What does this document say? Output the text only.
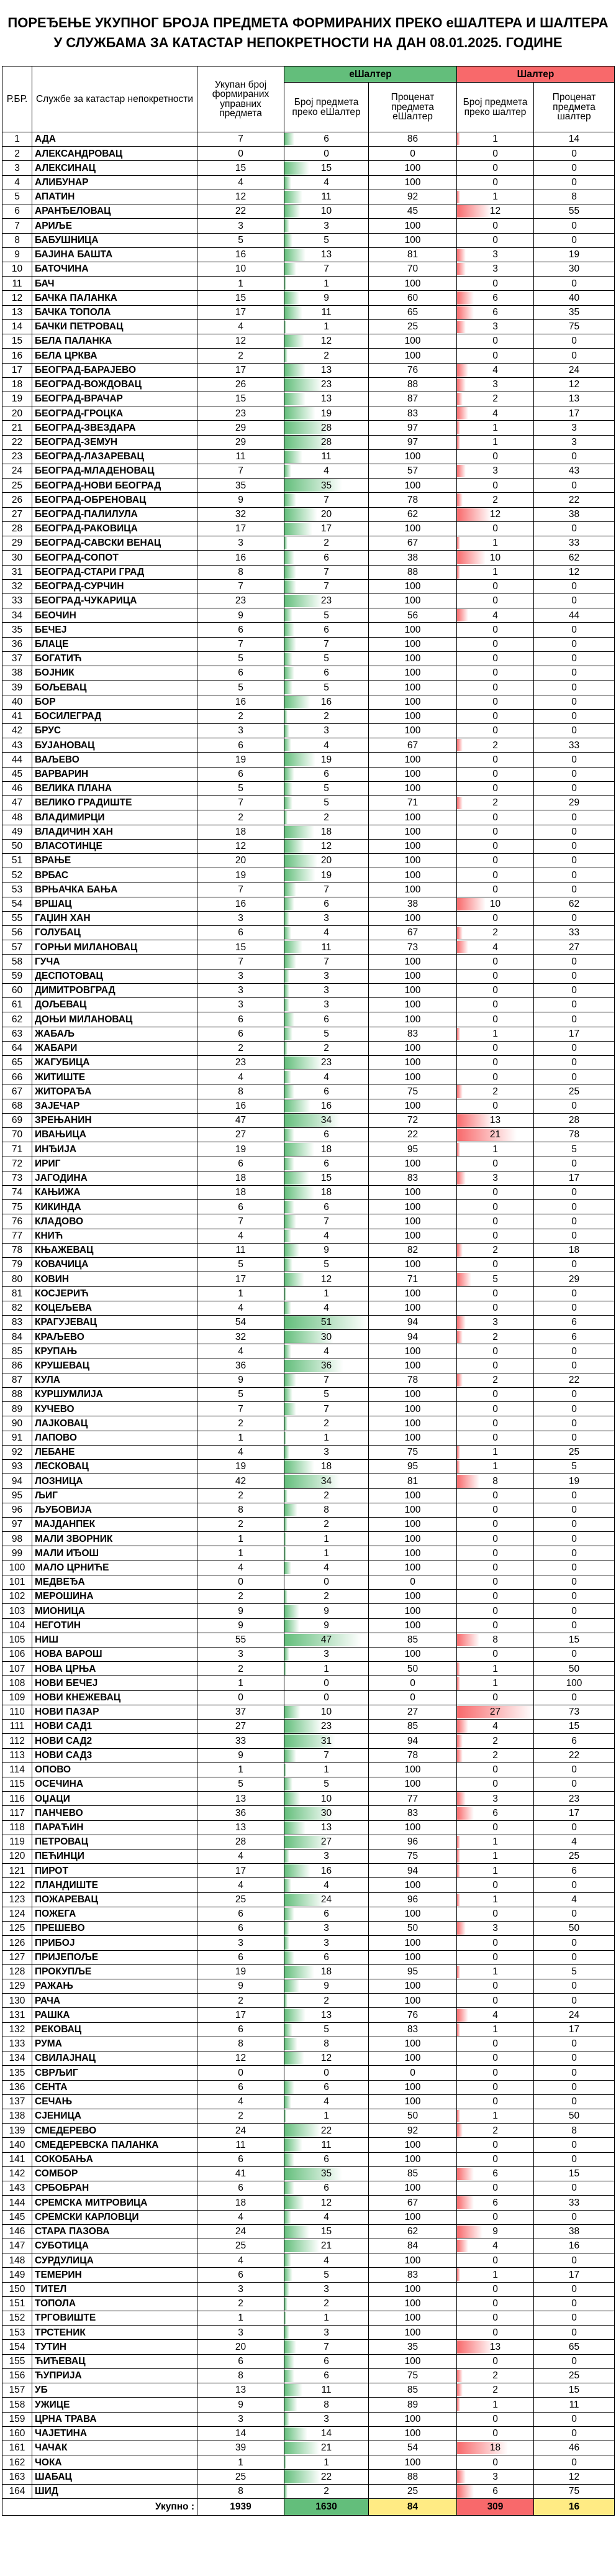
ПОРЕЂЕЊЕ УКУПНОГ БРОЈА ПРЕДМЕТА ФОРМИРАНИХ ПРЕКО еШАЛТЕРА И ШАЛТЕРА У СЛУЖБАМА ЗА КАТАСТАР НЕПОКРЕТНОСТИ НА ДАН 08.01.2025. ГОДИНЕ
Р.БР.	Службе за катастар непокретности	Укупан број формираних управних предмета	еШалтер		Шалтер	
			Број предмета преко еШалтер	Проценат предмета еШалтер	Број предмета преко шалтер	Проценат предмета шалтер
1	АДА	7	6	86	1	14
2	АЛЕКСАНДРОВАЦ	0	0	0	0	0
3	АЛЕКСИНАЦ	15	15	100	0	0
4	АЛИБУНАР	4	4	100	0	0
5	АПАТИН	12	11	92	1	8
6	АРАНЂЕЛОВАЦ	22	10	45	12	55
7	АРИЉЕ	3	3	100	0	0
8	БАБУШНИЦА	5	5	100	0	0
9	БАЈИНА БАШТА	16	13	81	3	19
10	БАТОЧИНА	10	7	70	3	30
11	БАЧ	1	1	100	0	0
12	БАЧКА ПАЛАНКА	15	9	60	6	40
13	БАЧКА ТОПОЛА	17	11	65	6	35
14	БАЧКИ ПЕТРОВАЦ	4	1	25	3	75
15	БЕЛА ПАЛАНКА	12	12	100	0	0
16	БЕЛА ЦРКВА	2	2	100	0	0
17	БЕОГРАД-БАРАЈЕВО	17	13	76	4	24
18	БЕОГРАД-ВОЖДОВАЦ	26	23	88	3	12
19	БЕОГРАД-ВРАЧАР	15	13	87	2	13
20	БЕОГРАД-ГРОЦКА	23	19	83	4	17
21	БЕОГРАД-ЗВЕЗДАРА	29	28	97	1	3
22	БЕОГРАД-ЗЕМУН	29	28	97	1	3
23	БЕОГРАД-ЛАЗАРЕВАЦ	11	11	100	0	0
24	БЕОГРАД-МЛАДЕНОВАЦ	7	4	57	3	43
25	БЕОГРАД-НОВИ БЕОГРАД	35	35	100	0	0
26	БЕОГРАД-ОБРЕНОВАЦ	9	7	78	2	22
27	БЕОГРАД-ПАЛИЛУЛА	32	20	62	12	38
28	БЕОГРАД-РАКОВИЦА	17	17	100	0	0
29	БЕОГРАД-САВСКИ ВЕНАЦ	3	2	67	1	33
30	БЕОГРАД-СОПОТ	16	6	38	10	62
31	БЕОГРАД-СТАРИ ГРАД	8	7	88	1	12
32	БЕОГРАД-СУРЧИН	7	7	100	0	0
33	БЕОГРАД-ЧУКАРИЦА	23	23	100	0	0
34	БЕОЧИН	9	5	56	4	44
35	БЕЧЕЈ	6	6	100	0	0
36	БЛАЦЕ	7	7	100	0	0
37	БОГАТИЋ	5	5	100	0	0
38	БОЈНИК	6	6	100	0	0
39	БОЉЕВАЦ	5	5	100	0	0
40	БОР	16	16	100	0	0
41	БОСИЛЕГРАД	2	2	100	0	0
42	БРУС	3	3	100	0	0
43	БУЈАНОВАЦ	6	4	67	2	33
44	ВАЉЕВО	19	19	100	0	0
45	ВАРВАРИН	6	6	100	0	0
46	ВЕЛИКА ПЛАНА	5	5	100	0	0
47	ВЕЛИКО ГРАДИШТЕ	7	5	71	2	29
48	ВЛАДИМИРЦИ	2	2	100	0	0
49	ВЛАДИЧИН ХАН	18	18	100	0	0
50	ВЛАСОТИНЦЕ	12	12	100	0	0
51	ВРАЊЕ	20	20	100	0	0
52	ВРБАС	19	19	100	0	0
53	ВРЊАЧКА БАЊА	7	7	100	0	0
54	ВРШАЦ	16	6	38	10	62
55	ГАЏИН ХАН	3	3	100	0	0
56	ГОЛУБАЦ	6	4	67	2	33
57	ГОРЊИ МИЛАНОВАЦ	15	11	73	4	27
58	ГУЧА	7	7	100	0	0
59	ДЕСПОТОВАЦ	3	3	100	0	0
60	ДИМИТРОВГРАД	3	3	100	0	0
61	ДОЉЕВАЦ	3	3	100	0	0
62	ДОЊИ МИЛАНОВАЦ	6	6	100	0	0
63	ЖАБАЉ	6	5	83	1	17
64	ЖАБАРИ	2	2	100	0	0
65	ЖАГУБИЦА	23	23	100	0	0
66	ЖИТИШТЕ	4	4	100	0	0
67	ЖИТОРАЂА	8	6	75	2	25
68	ЗАЈЕЧАР	16	16	100	0	0
69	ЗРЕЊАНИН	47	34	72	13	28
70	ИВАЊИЦА	27	6	22	21	78
71	ИНЂИЈА	19	18	95	1	5
72	ИРИГ	6	6	100	0	0
73	ЈАГОДИНА	18	15	83	3	17
74	КАЊИЖА	18	18	100	0	0
75	КИКИНДА	6	6	100	0	0
76	КЛАДОВО	7	7	100	0	0
77	КНИЋ	4	4	100	0	0
78	КЊАЖЕВАЦ	11	9	82	2	18
79	КОВАЧИЦА	5	5	100	0	0
80	КОВИН	17	12	71	5	29
81	КОСЈЕРИЋ	1	1	100	0	0
82	КОЦЕЉЕВА	4	4	100	0	0
83	КРАГУЈЕВАЦ	54	51	94	3	6
84	КРАЉЕВО	32	30	94	2	6
85	КРУПАЊ	4	4	100	0	0
86	КРУШЕВАЦ	36	36	100	0	0
87	КУЛА	9	7	78	2	22
88	КУРШУМЛИЈА	5	5	100	0	0
89	КУЧЕВО	7	7	100	0	0
90	ЛАЈКОВАЦ	2	2	100	0	0
91	ЛАПОВО	1	1	100	0	0
92	ЛЕБАНЕ	4	3	75	1	25
93	ЛЕСКОВАЦ	19	18	95	1	5
94	ЛОЗНИЦА	42	34	81	8	19
95	ЉИГ	2	2	100	0	0
96	ЉУБОВИЈА	8	8	100	0	0
97	МАЈДАНПЕК	2	2	100	0	0
98	МАЛИ ЗВОРНИК	1	1	100	0	0
99	МАЛИ ИЂОШ	1	1	100	0	0
100	МАЛО ЦРНИЋЕ	4	4	100	0	0
101	МЕДВЕЂА	0	0	0	0	0
102	МЕРОШИНА	2	2	100	0	0
103	МИОНИЦА	9	9	100	0	0
104	НЕГОТИН	9	9	100	0	0
105	НИШ	55	47	85	8	15
106	НОВА ВАРОШ	3	3	100	0	0
107	НОВА ЦРЊА	2	1	50	1	50
108	НОВИ БЕЧЕЈ	1	0	0	1	100
109	НОВИ КНЕЖЕВАЦ	0	0	0	0	0
110	НОВИ ПАЗАР	37	10	27	27	73
111	НОВИ САД1	27	23	85	4	15
112	НОВИ САД2	33	31	94	2	6
113	НОВИ САД3	9	7	78	2	22
114	ОПОВО	1	1	100	0	0
115	ОСЕЧИНА	5	5	100	0	0
116	ОЏАЦИ	13	10	77	3	23
117	ПАНЧЕВО	36	30	83	6	17
118	ПАРАЋИН	13	13	100	0	0
119	ПЕТРОВАЦ	28	27	96	1	4
120	ПЕЋИНЦИ	4	3	75	1	25
121	ПИРОТ	17	16	94	1	6
122	ПЛАНДИШТЕ	4	4	100	0	0
123	ПОЖАРЕВАЦ	25	24	96	1	4
124	ПОЖЕГА	6	6	100	0	0
125	ПРЕШЕВО	6	3	50	3	50
126	ПРИБОЈ	3	3	100	0	0
127	ПРИЈЕПОЉЕ	6	6	100	0	0
128	ПРОКУПЉЕ	19	18	95	1	5
129	РАЖАЊ	9	9	100	0	0
130	РАЧА	2	2	100	0	0
131	РАШКА	17	13	76	4	24
132	РЕКОВАЦ	6	5	83	1	17
133	РУМА	8	8	100	0	0
134	СВИЛАЈНАЦ	12	12	100	0	0
135	СВРЉИГ	0	0	0	0	0
136	СЕНТА	6	6	100	0	0
137	СЕЧАЊ	4	4	100	0	0
138	СЈЕНИЦА	2	1	50	1	50
139	СМЕДЕРЕВО	24	22	92	2	8
140	СМЕДЕРЕВСКА ПАЛАНКА	11	11	100	0	0
141	СОКОБАЊА	6	6	100	0	0
142	СОМБОР	41	35	85	6	15
143	СРБОБРАН	6	6	100	0	0
144	СРЕМСКА МИТРОВИЦА	18	12	67	6	33
145	СРЕМСКИ КАРЛОВЦИ	4	4	100	0	0
146	СТАРА ПАЗОВА	24	15	62	9	38
147	СУБОТИЦА	25	21	84	4	16
148	СУРДУЛИЦА	4	4	100	0	0
149	ТЕМЕРИН	6	5	83	1	17
150	ТИТЕЛ	3	3	100	0	0
151	ТОПОЛА	2	2	100	0	0
152	ТРГОВИШТЕ	1	1	100	0	0
153	ТРСТЕНИК	3	3	100	0	0
154	ТУТИН	20	7	35	13	65
155	ЋИЋЕВАЦ	6	6	100	0	0
156	ЋУПРИЈА	8	6	75	2	25
157	УБ	13	11	85	2	15
158	УЖИЦЕ	9	8	89	1	11
159	ЦРНА ТРАВА	3	3	100	0	0
160	ЧАЈЕТИНА	14	14	100	0	0
161	ЧАЧАК	39	21	54	18	46
162	ЧОКА	1	1	100	0	0
163	ШАБАЦ	25	22	88	3	12
164	ШИД	8	2	25	6	75
Укупно :		1939	1630	84	309	16
